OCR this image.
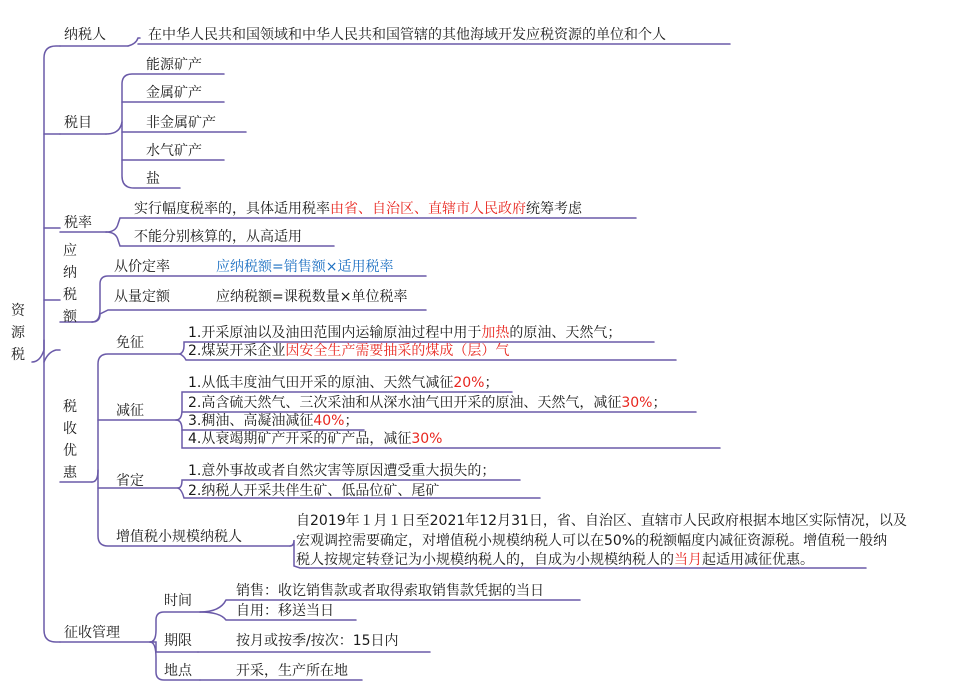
资源税
纳税人	在中华人民共和国领域和中华人民共和国管辖的其他海域开发应税资源的单位和个人
税目
能源矿产
金属矿产
非金属矿产
水气矿产
盐
税率
实行幅度税率的，具体适用税率由省、自治区、直辖市人民政府统筹考虑
不能分别核算的，从高适用
应纳税额
从价定率	应纳税额=销售额×适用税率
从量定额	应纳税额=课税数量×单位税率
税收优惠
免征
1.开采原油以及油田范围内运输原油过程中用于加热的原油、天然气；
2.煤炭开采企业因安全生产需要抽采的煤成（层）气
减征
1.从低丰度油气田开采的原油、天然气减征20%；
2.高含硫天然气、三次采油和从深水油气田开采的原油、天然气，减征30%；
3.稠油、高凝油减征40%；
4.从衰竭期矿产开采的矿产品，减征30%
省定
1.意外事故或者自然灾害等原因遭受重大损失的；
2.纳税人开采共伴生矿、低品位矿、尾矿
增值税小规模纳税人
自2019年１月１日至2021年12月31日，省、自治区、直辖市人民政府根据本地区实际情况，以及
宏观调控需要确定，对增值税小规模纳税人可以在50%的税额幅度内减征资源税。增值税一般纳
税人按规定转登记为小规模纳税人的，自成为小规模纳税人的当月起适用减征优惠。
征收管理
时间
销售：收讫销售款或者取得索取销售款凭据的当日
自用：移送当日
期限	按月或按季/按次：15日内
地点	开采，生产所在地
